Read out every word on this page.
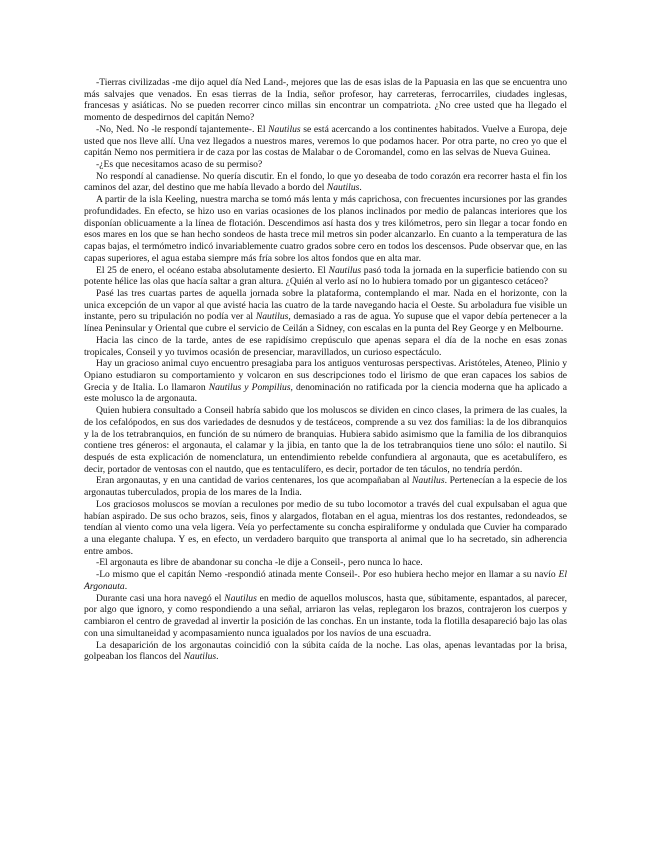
-Tierras civilizadas -me dijo aquel día Ned Land-, mejores que las de esas islas de la Papuasia en las que se encuentra uno más salvajes que venados. En esas tierras de la India, señor profesor, hay carreteras, ferrocarriles, ciudades inglesas, francesas y asiáticas. No se pueden recorrer cinco millas sin encontrar un compatriota. ¿No cree usted que ha llegado el momento de despedirnos del capitán Nemo?

-No, Ned. No -le respondí tajantemente-. El Nautilus se está acercando a los continentes habitados. Vuelve a Europa, deje usted que nos lleve allí. Una vez llegados a nuestros mares, veremos lo que podamos hacer. Por otra parte, no creo yo que el capitán Nemo nos permitiera ir de caza por las costas de Malabar o de Coromandel, como en las selvas de Nueva Guinea.

-¿Es que necesitamos acaso de su permiso?

No respondí al canadiense. No quería discutir. En el fondo, lo que yo deseaba de todo corazón era recorrer hasta el fin los caminos del azar, del destino que me había llevado a bordo del Nautilus.

A partir de la isla Keeling, nuestra marcha se tomó más lenta y más caprichosa, con frecuentes incursiones por las grandes profundidades. En efecto, se hizo uso en varias ocasiones de los planos inclinados por medio de palancas interiores que los disponían oblicuamente a la línea de flotación. Descendimos así hasta dos y tres kilómetros, pero sin llegar a tocar fondo en esos mares en los que se han hecho sondeos de hasta trece mil metros sin poder alcanzarlo. En cuanto a la temperatura de las capas bajas, el termómetro indicó invariablemente cuatro grados sobre cero en todos los descensos. Pude observar que, en las capas superiores, el agua estaba siempre más fría sobre los altos fondos que en alta mar.

El 25 de enero, el océano estaba absolutamente desierto. El Nautilus pasó toda la jornada en la superficie batiendo con su potente hélice las olas que hacía saltar a gran altura. ¿Quién al verlo así no lo hubiera tomado por un gigantesco cetáceo?

Pasé las tres cuartas partes de aquella jornada sobre la plataforma, contemplando el mar. Nada en el horizonte, con la unica excepción de un vapor al que avisté hacia las cuatro de la tarde navegando hacia el Oeste. Su arboladura fue visible un instante, pero su tripulación no podía ver al Nautilus, demasiado a ras de agua. Yo supuse que el vapor debía pertenecer a la línea Peninsular y Oriental que cubre el servicio de Ceilán a Sidney, con escalas en la punta del Rey George y en Melbourne.

Hacia las cinco de la tarde, antes de ese rapidísimo crepúsculo que apenas separa el día de la noche en esas zonas tropicales, Conseil y yo tuvimos ocasión de presenciar, maravillados, un curioso espectáculo.

Hay un gracioso animal cuyo encuentro presagiaba para los antiguos venturosas perspectivas. Aristóteles, Ateneo, Plinio y Opiano estudiaron su comportamiento y volcaron en sus descripciones todo el lirismo de que eran capaces los sabios de Grecia y de Italia. Lo llamaron Nautilus y Pompilius, denominación no ratificada por la ciencia moderna que ha aplicado a este molusco la de argonauta.

Quien hubiera consultado a Conseil habría sabido que los moluscos se dividen en cinco clases, la primera de las cuales, la de los cefalópodos, en sus dos variedades de desnudos y de testáceos, comprende a su vez dos familias: la de los dibranquios y la de los tetrabranquios, en función de su número de branquias. Hubiera sabido asimismo que la familia de los dibranquios contiene tres géneros: el argonauta, el calamar y la jibia, en tanto que la de los tetrabranquios tiene uno sólo: el nautilo. Si después de esta explicación de nomenclatura, un entendimiento rebelde confundiera al argonauta, que es acetabulífero, es decir, portador de ventosas con el nautdo, que es tentaculífero, es decir, portador de ten táculos, no tendría perdón.

Eran argonautas, y en una cantidad de varios centenares, los que acompañaban al Nautilus. Pertenecían a la especie de los argonautas tuberculados, propia de los mares de la India.

Los graciosos moluscos se movían a reculones por medio de su tubo locomotor a través del cual expulsaban el agua que habían aspirado. De sus ocho brazos, seis, finos y alargados, flotaban en el agua, mientras los dos restantes, redondeados, se tendían al viento como una vela ligera. Veía yo perfectamente su concha espiraliforme y ondulada que Cuvier ha comparado a una elegante chalupa. Y es, en efecto, un verdadero barquito que transporta al animal que lo ha secretado, sin adherencia entre ambos.

-El argonauta es libre de abandonar su concha -le dije a Conseil-, pero nunca lo hace.

-Lo mismo que el capitán Nemo -respondió atinada mente Conseil-. Por eso hubiera hecho mejor en llamar a su navío El Argonauta.

Durante casi una hora navegó el Nautilus en medio de aquellos moluscos, hasta que, súbitamente, espantados, al parecer, por algo que ignoro, y como respondiendo a una señal, arriaron las velas, replegaron los brazos, contrajeron los cuerpos y cambiaron el centro de gravedad al invertir la posición de las conchas. En un instante, toda la flotilla desapareció bajo las olas con una simultaneidad y acompasamiento nunca igualados por los navíos de una escuadra.

La desaparición de los argonautas coincidió con la súbita caída de la noche. Las olas, apenas levantadas por la brisa, golpeaban los flancos del Nautilus.
